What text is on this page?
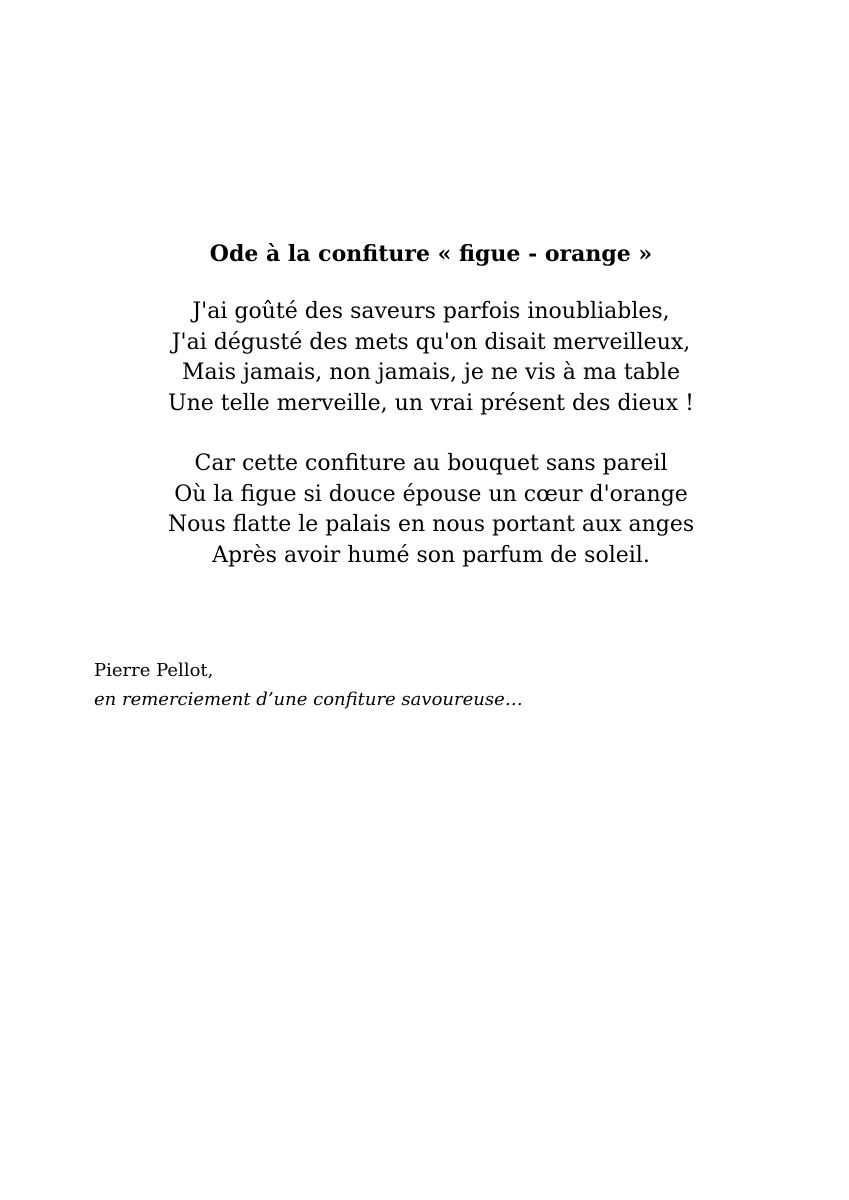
Ode à la confiture « figue - orange »
J'ai goûté des saveurs parfois inoubliables,
J'ai dégusté des mets qu'on disait merveilleux,
Mais jamais, non jamais, je ne vis à ma table
Une telle merveille, un vrai présent des dieux !
Car cette confiture au bouquet sans pareil
Où la figue si douce épouse un cœur d'orange
Nous flatte le palais en nous portant aux anges
Après avoir humé son parfum de soleil.
Pierre Pellot,
en remerciement d’une confiture savoureuse…
